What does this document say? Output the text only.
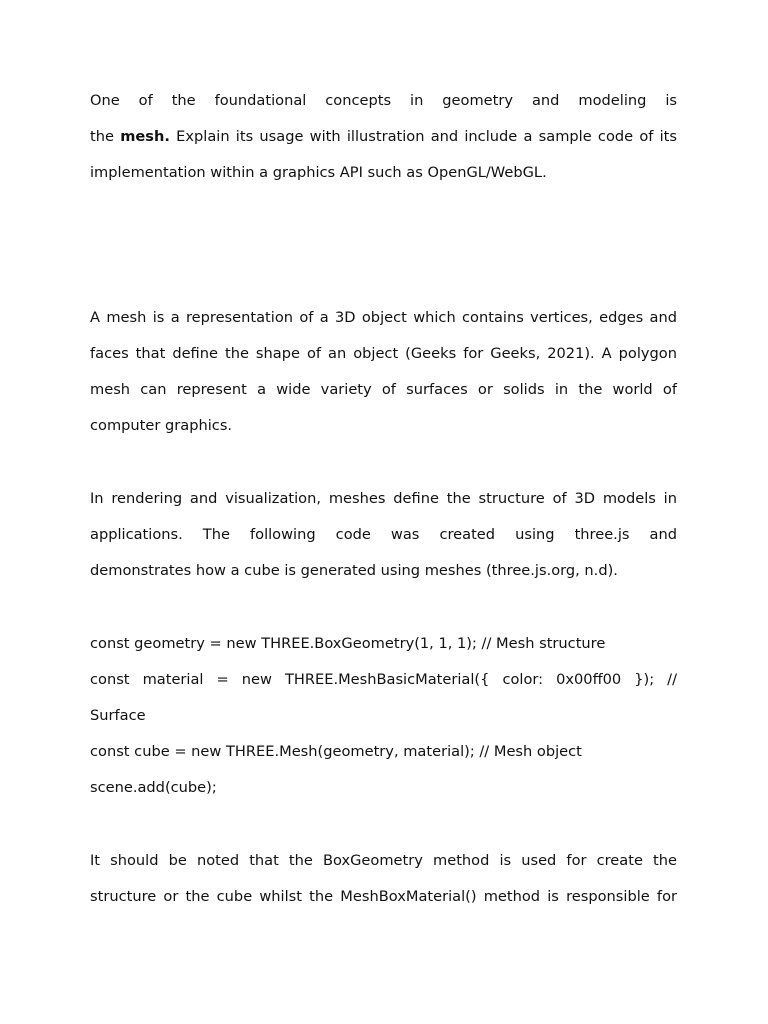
One of the foundational concepts in geometry and modeling is
the mesh. Explain its usage with illustration and include a sample code of its
implementation within a graphics API such as OpenGL/WebGL.
A mesh is a representation of a 3D object which contains vertices, edges and
faces that define the shape of an object (Geeks for Geeks, 2021). A polygon
mesh can represent a wide variety of surfaces or solids in the world of
computer graphics.
In rendering and visualization, meshes define the structure of 3D models in
applications. The following code was created using three.js and
demonstrates how a cube is generated using meshes (three.js.org, n.d).
const geometry = new THREE.BoxGeometry(1, 1, 1); // Mesh structure
const material = new THREE.MeshBasicMaterial({ color: 0x00ff00 }); //
Surface
const cube = new THREE.Mesh(geometry, material); // Mesh object
scene.add(cube);
It should be noted that the BoxGeometry method is used for create the
structure or the cube whilst the MeshBoxMaterial() method is responsible for
